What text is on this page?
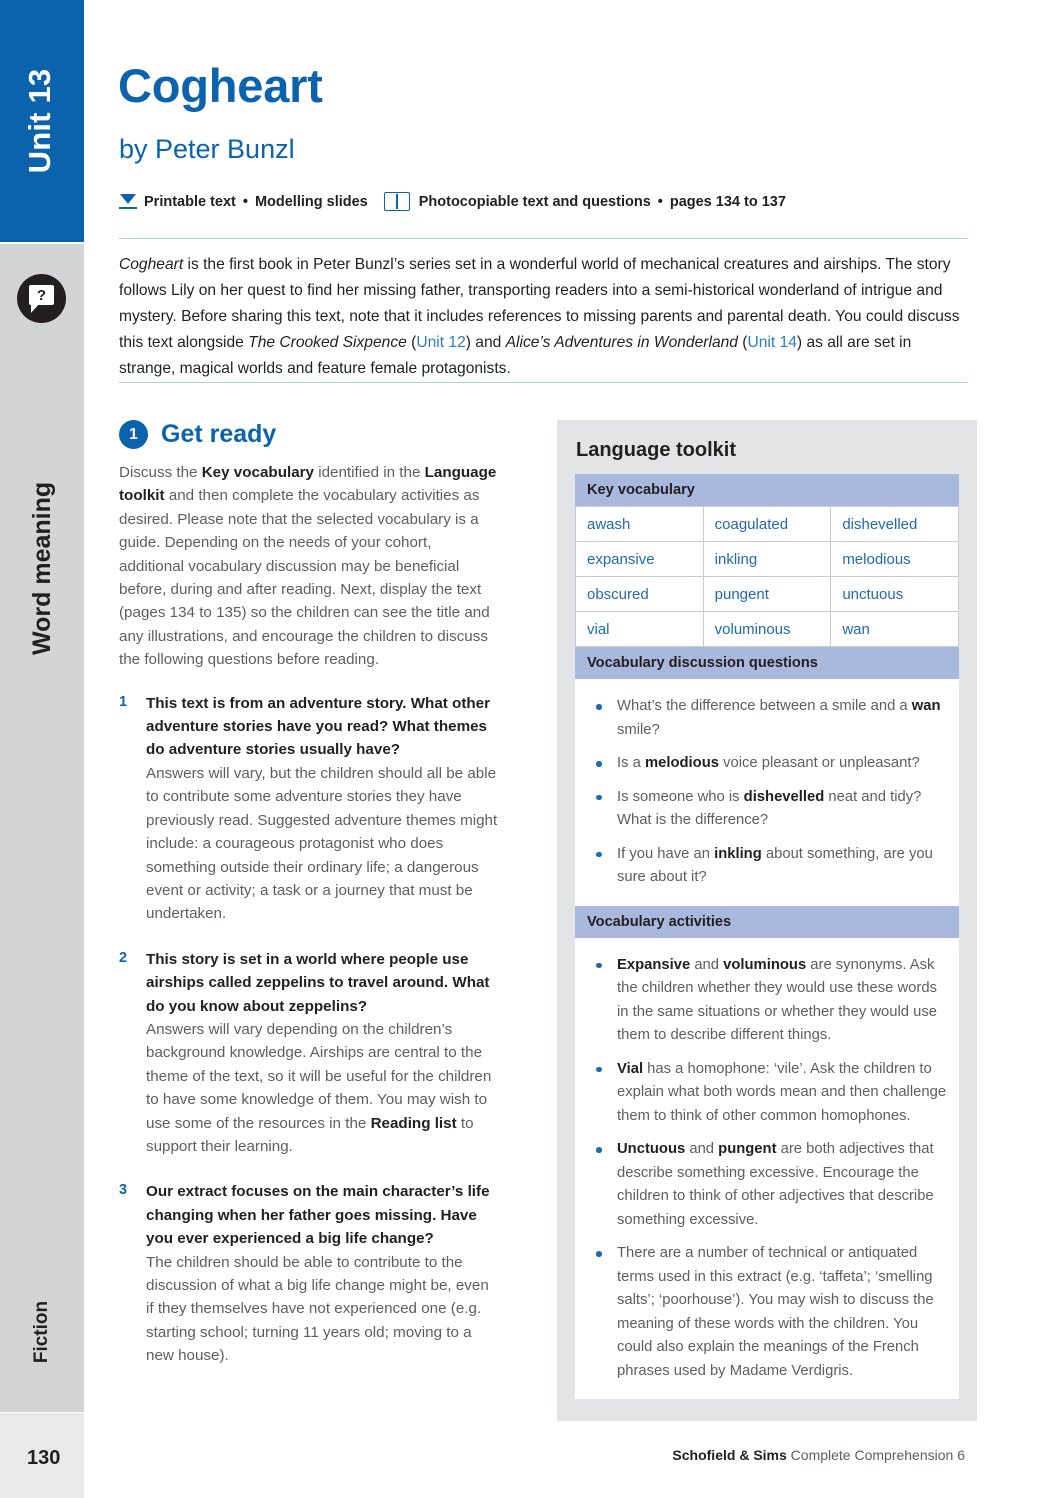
Unit 13
?
Word meaning
Fiction
130
Cogheart
by Peter Bunzl
Printable text • Modelling slides	Photocopiable text and questions • pages 134 to 137
Cogheart is the first book in Peter Bunzl’s series set in a wonderful world of mechanical creatures and airships. The story follows Lily on her quest to find her missing father, transporting readers into a semi-historical wonderland of intrigue and mystery. Before sharing this text, note that it includes references to missing parents and parental death. You could discuss this text alongside The Crooked Sixpence (Unit 12) and Alice’s Adventures in Wonderland (Unit 14) as all are set in strange, magical worlds and feature female protagonists.
1 Get ready

Discuss the Key vocabulary identified in the Language toolkit and then complete the vocabulary activities as desired. Please note that the selected vocabulary is a guide. Depending on the needs of your cohort, additional vocabulary discussion may be beneficial before, during and after reading. Next, display the text (pages 134 to 135) so the children can see the title and any illustrations, and encourage the children to discuss the following questions before reading.

1	This text is from an adventure story. What other adventure stories have you read? What themes do adventure stories usually have?
Answers will vary, but the children should all be able to contribute some adventure stories they have previously read. Suggested adventure themes might include: a courageous protagonist who does something outside their ordinary life; a dangerous event or activity; a task or a journey that must be undertaken.
2	This story is set in a world where people use airships called zeppelins to travel around. What do you know about zeppelins?
Answers will vary depending on the children’s background knowledge. Airships are central to the theme of the text, so it will be useful for the children to have some knowledge of them. You may wish to use some of the resources in the Reading list to support their learning.
3	Our extract focuses on the main character’s life changing when her father goes missing. Have you ever experienced a big life change?
The children should be able to contribute to the discussion of what a big life change might be, even if they themselves have not experienced one (e.g. starting school; turning 11 years old; moving to a new house).
Language toolkit
Key vocabulary
awash	coagulated	dishevelled
expansive	inkling	melodious
obscured	pungent	unctuous
vial	voluminous	wan
Vocabulary discussion questions
What’s the difference between a smile and a wan smile?
Is a melodious voice pleasant or unpleasant?
Is someone who is dishevelled neat and tidy? What is the difference?
If you have an inkling about something, are you sure about it?
Vocabulary activities
Expansive and voluminous are synonyms. Ask the children whether they would use these words in the same situations or whether they would use them to describe different things.
Vial has a homophone: ‘vile’. Ask the children to explain what both words mean and then challenge them to think of other common homophones.
Unctuous and pungent are both adjectives that describe something excessive. Encourage the children to think of other adjectives that describe something excessive.
There are a number of technical or antiquated terms used in this extract (e.g. ‘taffeta’; ‘smelling salts’; ‘poorhouse’). You may wish to discuss the meaning of these words with the children. You could also explain the meanings of the French phrases used by Madame Verdigris.
Schofield & Sims Complete Comprehension 6
